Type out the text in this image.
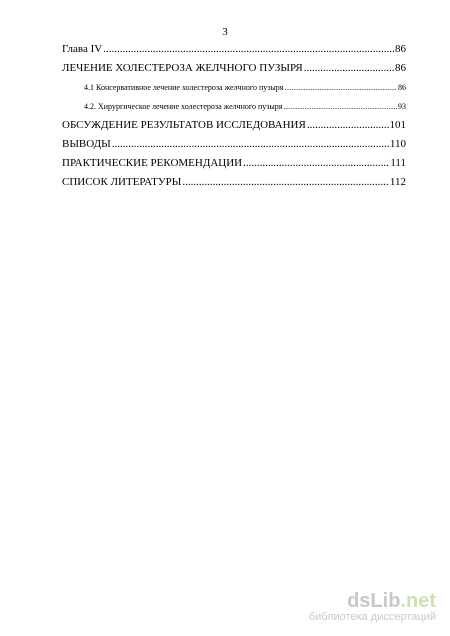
3
Глава IV .....	86
ЛЕЧЕНИЕ ХОЛЕСТЕРОЗА ЖЕЛЧНОГО ПУЗЫРЯ .....	86
4.1 Консервативное лечение холестероза желчного пузыря .....	86
4.2. Хирургическое лечение холестероза желчного пузыря .....	93
ОБСУЖДЕНИЕ РЕЗУЛЬТАТОВ ИССЛЕДОВАНИЯ .....	101
ВЫВОДЫ .....	110
ПРАКТИЧЕСКИЕ РЕКОМЕНДАЦИИ .....	111
СПИСОК ЛИТЕРАТУРЫ .....	112
dsLib.net
библиотека диссертаций
